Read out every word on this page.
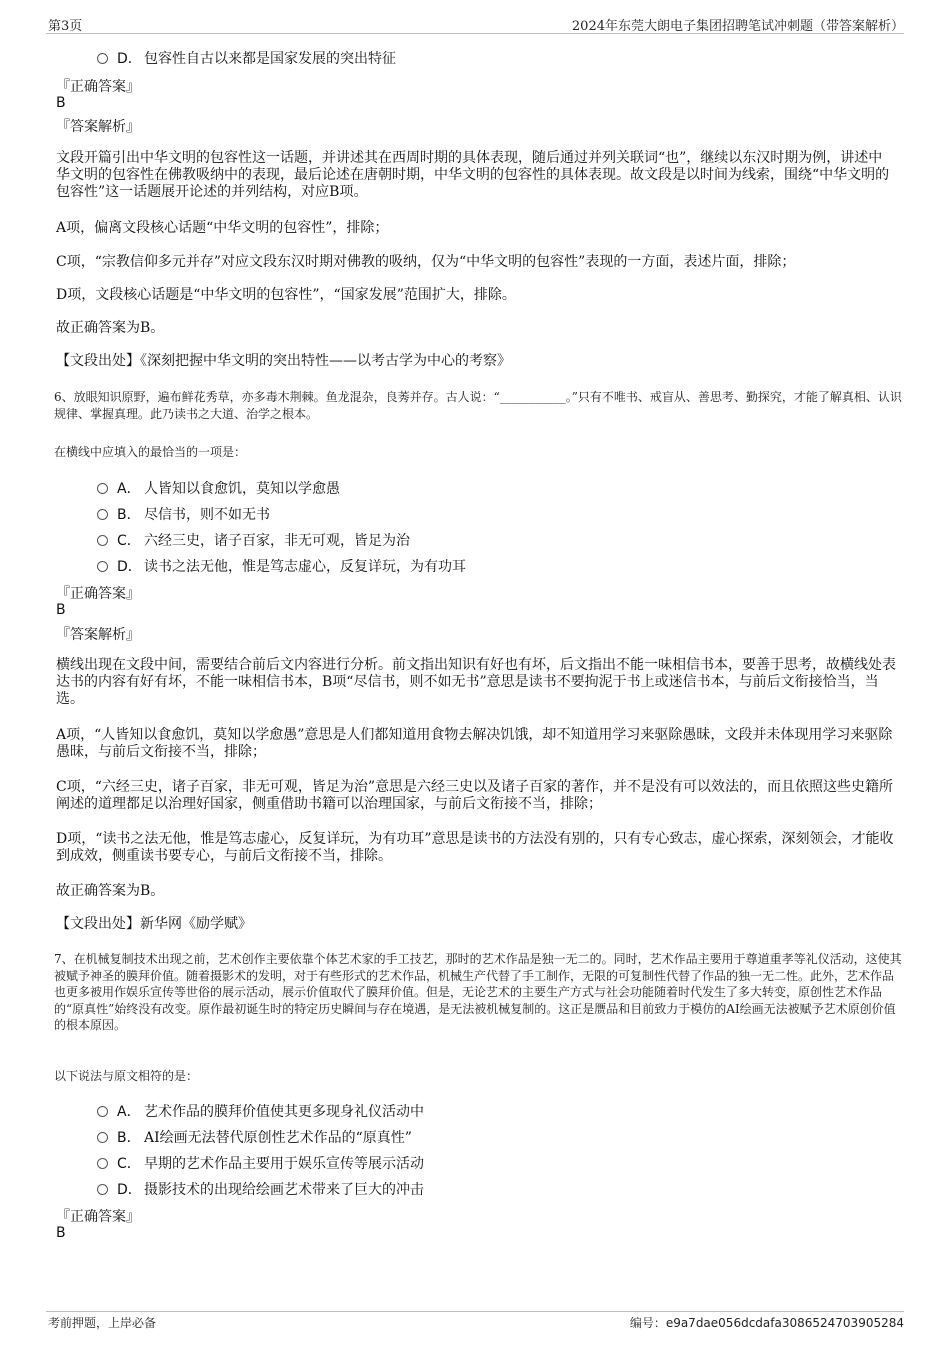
第3页	2024年东莞大朗电子集团招聘笔试冲刺题（带答案解析）
D． 包容性自古以来都是国家发展的突出特征
『正确答案』
B
『答案解析』
文段开篇引出中华文明的包容性这一话题，并讲述其在西周时期的具体表现，随后通过并列关联词“也”，继续以东汉时期为例，讲述中华文明的包容性在佛教吸纳中的表现，最后论述在唐朝时期，中华文明的包容性的具体表现。故文段是以时间为线索，围绕“中华文明的包容性”这一话题展开论述的并列结构，对应B项。
A项，偏离文段核心话题“中华文明的包容性”，排除；
C项，“宗教信仰多元并存”对应文段东汉时期对佛教的吸纳，仅为“中华文明的包容性”表现的一方面，表述片面，排除；
D项，文段核心话题是“中华文明的包容性”，“国家发展”范围扩大，排除。
故正确答案为B。
【文段出处】《深刻把握中华文明的突出特性——以考古学为中心的考察》
6、放眼知识原野，遍布鲜花秀草，亦多毒木荆棘。鱼龙混杂，良莠并存。古人说：“___________。”只有不唯书、戒盲从、善思考、勤探究，才能了解真相、认识规律、掌握真理。此乃读书之大道、治学之根本。
在横线中应填入的最恰当的一项是：
A． 人皆知以食愈饥，莫知以学愈愚
B． 尽信书，则不如无书
C． 六经三史，诸子百家，非无可观，皆足为治
D． 读书之法无他，惟是笃志虚心，反复详玩，为有功耳
『正确答案』
B
『答案解析』
横线出现在文段中间，需要结合前后文内容进行分析。前文指出知识有好也有坏，后文指出不能一味相信书本，要善于思考，故横线处表达书的内容有好有坏，不能一味相信书本，B项“尽信书，则不如无书”意思是读书不要拘泥于书上或迷信书本，与前后文衔接恰当，当选。
A项，“人皆知以食愈饥，莫知以学愈愚”意思是人们都知道用食物去解决饥饿，却不知道用学习来驱除愚昧，文段并未体现用学习来驱除愚昧，与前后文衔接不当，排除；
C项，“六经三史，诸子百家，非无可观，皆足为治”意思是六经三史以及诸子百家的著作，并不是没有可以效法的，而且依照这些史籍所阐述的道理都足以治理好国家，侧重借助书籍可以治理国家，与前后文衔接不当，排除；
D项，“读书之法无他，惟是笃志虚心，反复详玩，为有功耳”意思是读书的方法没有别的，只有专心致志，虚心探索，深刻领会，才能收到成效，侧重读书要专心，与前后文衔接不当，排除。
故正确答案为B。
【文段出处】新华网《励学赋》
7、在机械复制技术出现之前，艺术创作主要依靠个体艺术家的手工技艺，那时的艺术作品是独一无二的。同时，艺术作品主要用于尊道重孝等礼仪活动，这使其被赋予神圣的膜拜价值。随着摄影术的发明，对于有些形式的艺术作品，机械生产代替了手工制作，无限的可复制性代替了作品的独一无二性。此外，艺术作品也更多被用作娱乐宣传等世俗的展示活动，展示价值取代了膜拜价值。但是，无论艺术的主要生产方式与社会功能随着时代发生了多大转变，原创性艺术作品的“原真性”始终没有改变。原作最初诞生时的特定历史瞬间与存在境遇，是无法被机械复制的。这正是赝品和目前致力于模仿的AI绘画无法被赋予艺术原创价值的根本原因。
以下说法与原文相符的是：
A． 艺术作品的膜拜价值使其更多现身礼仪活动中
B． AI绘画无法替代原创性艺术作品的“原真性”
C． 早期的艺术作品主要用于娱乐宣传等展示活动
D． 摄影技术的出现给绘画艺术带来了巨大的冲击
『正确答案』
B
考前押题，上岸必备	编号：e9a7dae056dcdafa3086524703905284
